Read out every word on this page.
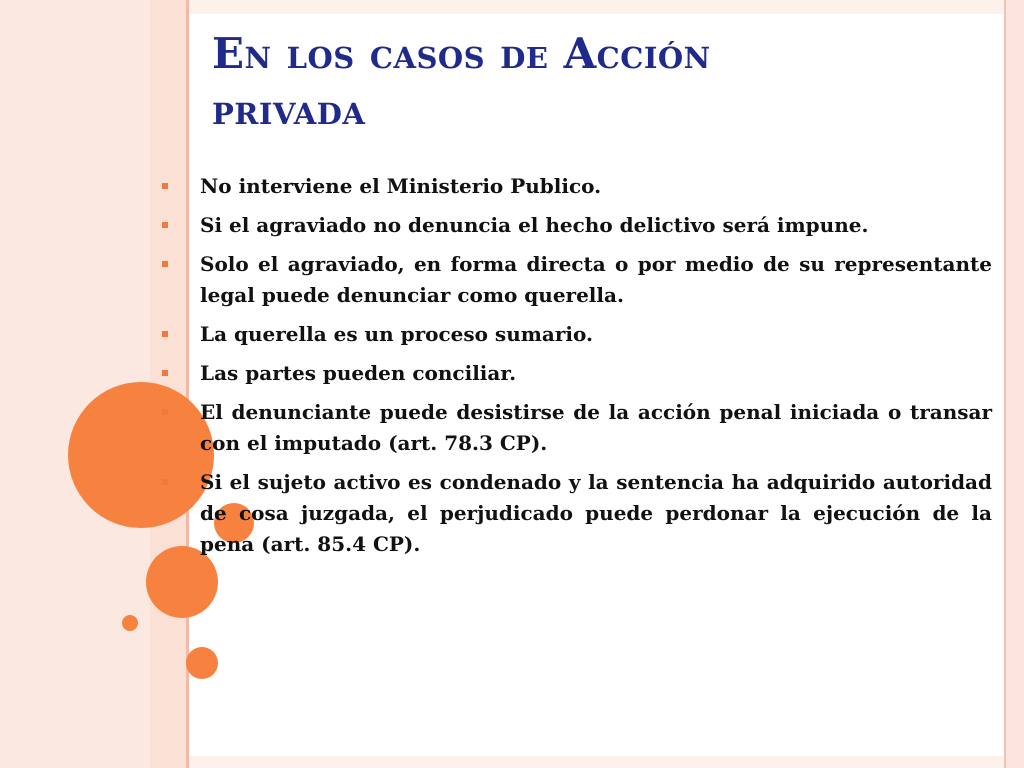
En los casos de Acción
privada
No interviene el Ministerio Publico.
Si el agraviado no denuncia el hecho delictivo será impune.
Solo el agraviado, en forma directa o por medio de su representante legal puede denunciar como querella.
La querella es un proceso sumario.
Las partes pueden conciliar.
El denunciante puede desistirse de la acción penal iniciada o transar con el imputado (art. 78.3 CP).
Si el sujeto activo es condenado y la sentencia ha adquirido autoridad de cosa juzgada, el perjudicado puede perdonar la ejecución de la pena (art. 85.4 CP).
